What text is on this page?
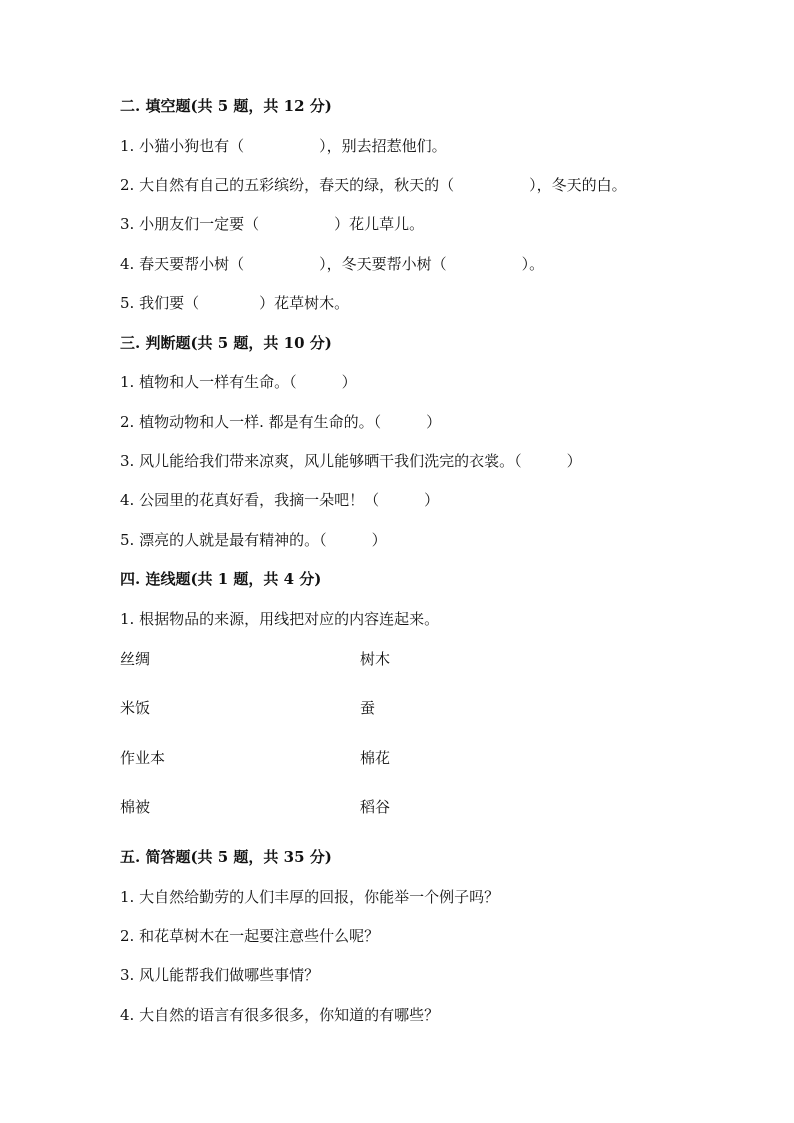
二. 填空题(共 5 题，共 12 分)
1. 小猫小狗也有（　　　　　），别去招惹他们。
2. 大自然有自己的五彩缤纷，春天的绿，秋天的（　　　　　），冬天的白。
3. 小朋友们一定要（　　　　　）花儿草儿。
4. 春天要帮小树（　　　　　），冬天要帮小树（　　　　　）。
5. 我们要（　　　　）花草树木。
三. 判断题(共 5 题，共 10 分)
1. 植物和人一样有生命。（　　　）
2. 植物动物和人一样. 都是有生命的。（　　　）
3. 风儿能给我们带来凉爽，风儿能够晒干我们洗完的衣裳。（　　　）
4. 公园里的花真好看，我摘一朵吧！（　　　）
5. 漂亮的人就是最有精神的。（　　　）
四. 连线题(共 1 题，共 4 分)
1. 根据物品的来源，用线把对应的内容连起来。
丝绸	树木
米饭	蚕
作业本	棉花
棉被	稻谷
五. 简答题(共 5 题，共 35 分)
1. 大自然给勤劳的人们丰厚的回报，你能举一个例子吗？
2. 和花草树木在一起要注意些什么呢？
3. 风儿能帮我们做哪些事情？
4. 大自然的语言有很多很多，你知道的有哪些？
